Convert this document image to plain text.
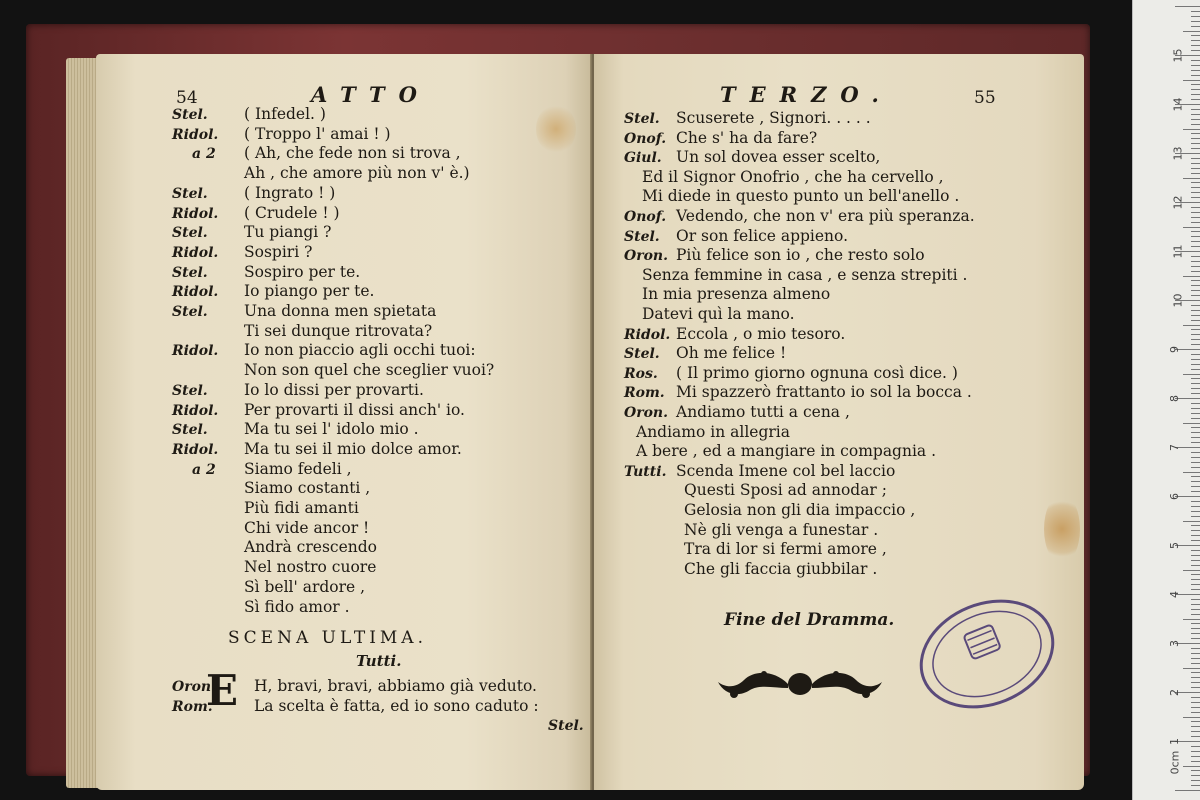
54	ATTO
Stel. ( Infedel. )
Ridol. ( Troppo l' amai ! )
a 2 ( Ah, che fede non si trova ,
Ah , che amore più non v' è.)
Stel. ( Ingrato ! )
Ridol. ( Crudele ! )
Stel. Tu piangi ?
Ridol. Sospiri ?
Stel. Sospiro per te.
Ridol. Io piango per te.
Stel. Una donna men spietata
Ti sei dunque ritrovata?
Ridol. Io non piaccio agli occhi tuoi:
Non son quel che sceglier vuoi?
Stel. Io lo dissi per provarti.
Ridol. Per provarti il dissi anch' io.
Stel. Ma tu sei l' idolo mio .
Ridol. Ma tu sei il mio dolce amor.
a 2 Siamo fedeli ,
Siamo costanti ,
Più fidi amanti
Chi vide ancor !
Andrà crescendo
Nel nostro cuore
Sì bell' ardore ,
Sì fido amor .
SCENA ULTIMA.
Tutti.
E
Oron. H, bravi, bravi, abbiamo già veduto.
Rom.	La scelta è fatta, ed io sono caduto :
Stel.
TERZO.	55
Stel. Scuserete , Signori. . . . .
Onof. Che s' ha da fare?
Giul. Un sol dovea esser scelto,
Ed il Signor Onofrio , che ha cervello ,
Mi diede in questo punto un bell'anello .
Onof. Vedendo, che non v' era più speranza.
Stel. Or son felice appieno.
Oron. Più felice son io , che resto solo
Senza femmine in casa , e senza strepiti .
In mia presenza almeno
Datevi quì la mano.
Ridol. Eccola , o mio tesoro.
Stel. Oh me felice !
Ros. ( Il primo giorno ognuna così dice. )
Rom. Mi spazzerò frattanto io sol la bocca .
Oron. Andiamo tutti a cena ,
Andiamo in allegria
A bere , ed a mangiare in compagnia .
Tutti. Scenda Imene col bel laccio
Questi Sposi ad annodar ;
Gelosia non gli dia impaccio ,
Nè gli venga a funestar .
Tra di lor si fermi amore ,
Che gli faccia giubbilar .
Fine del Dramma.
0cm
1
2
3
4
5
6
7
8
9
10
11
12
13
14
15
